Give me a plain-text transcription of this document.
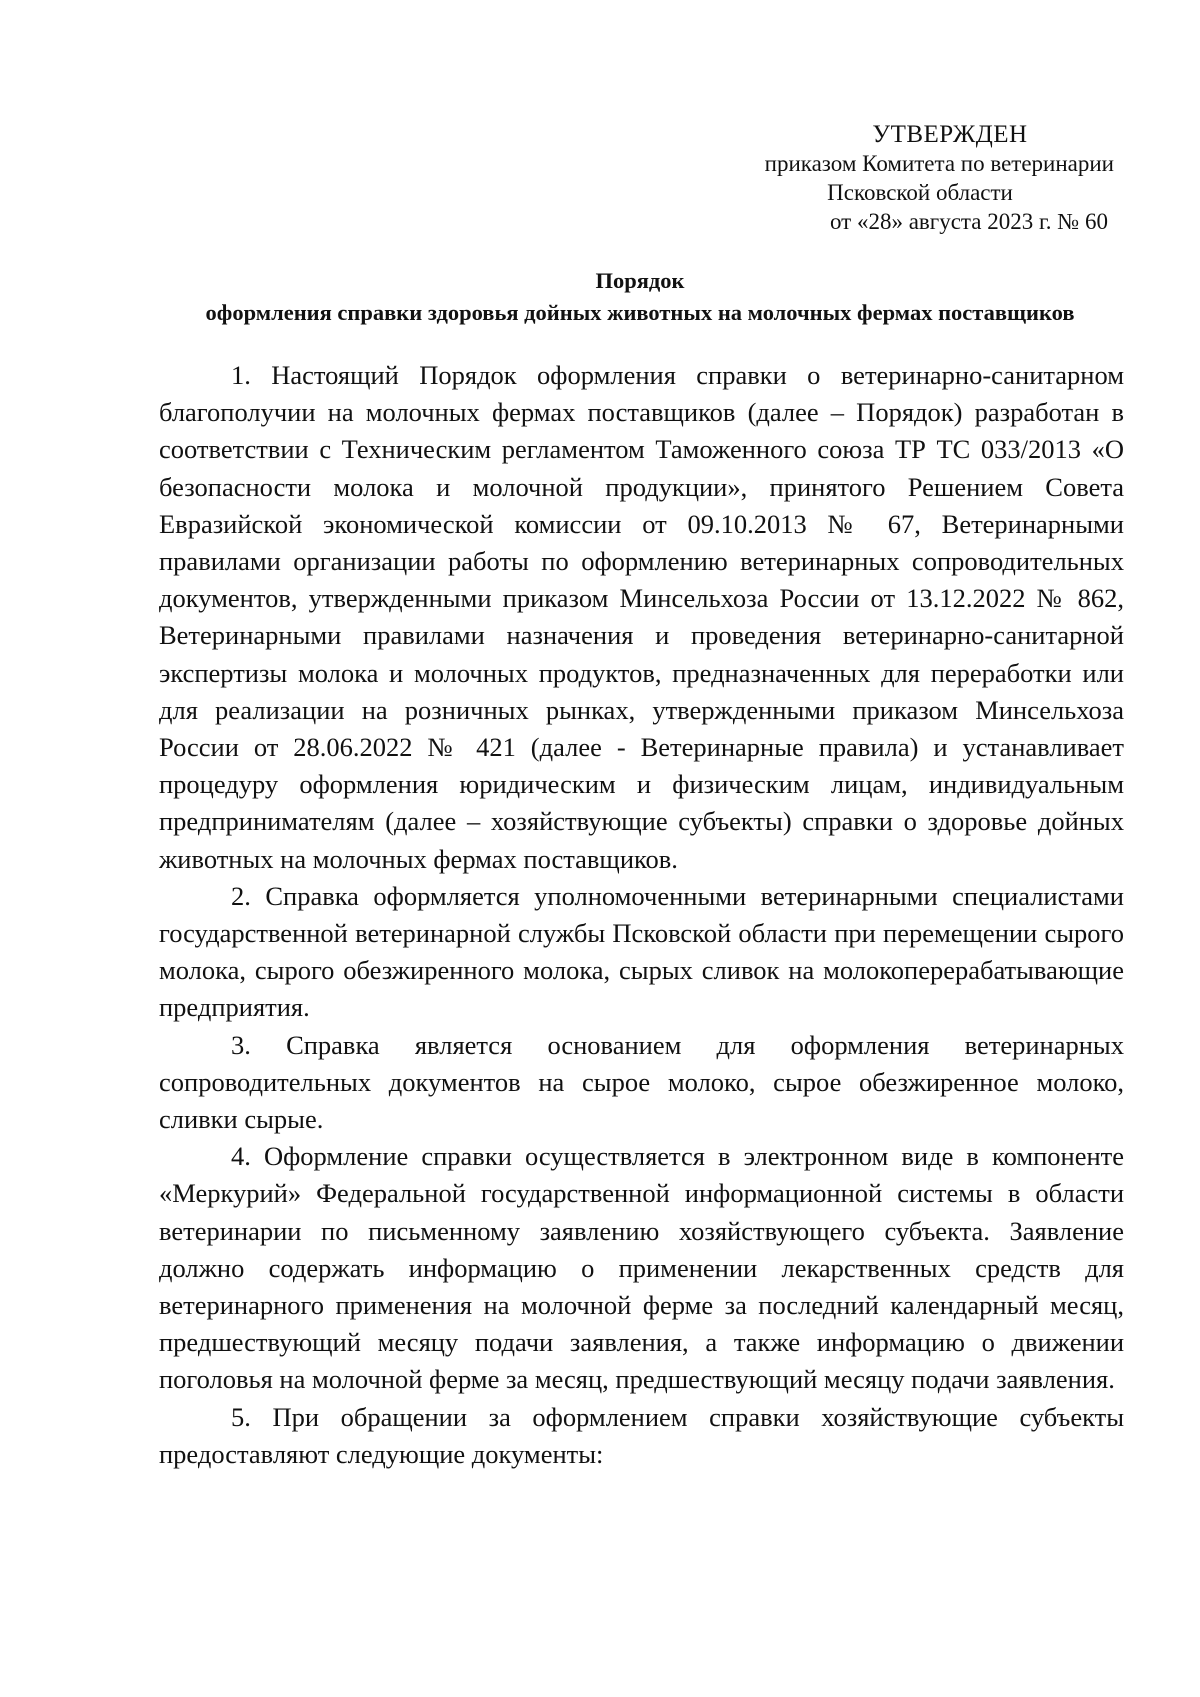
УТВЕРЖДЕН
приказом Комитета по ветеринарии
Псковской области
от «28» августа 2023 г. № 60
Порядок
оформления справки здоровья дойных животных на молочных фермах поставщиков

1. Настоящий Порядок оформления справки о ветеринарно-санитарном благополучии на молочных фермах поставщиков (далее – Порядок) разработан в соответствии с Техническим регламентом Таможенного союза ТР ТС 033/2013 «О безопасности молока и молочной продукции», принятого Решением Совета Евразийской экономической комиссии от 09.10.2013 № 67, Ветеринарными правилами организации работы по оформлению ветеринарных сопроводительных документов, утвержденными приказом Минсельхоза России от 13.12.2022 № 862, Ветеринарными правилами назначения и проведения ветеринарно-санитарной экспертизы молока и молочных продуктов, предназначенных для переработки или для реализации на розничных рынках, утвержденными приказом Минсельхоза России от 28.06.2022 № 421 (далее - Ветеринарные правила) и устанавливает процедуру оформления юридическим и физическим лицам, индивидуальным предпринимателям (далее – хозяйствующие субъекты) справки о здоровье дойных животных на молочных фермах поставщиков.

2. Справка оформляется уполномоченными ветеринарными специалистами государственной ветеринарной службы Псковской области при перемещении сырого молока, сырого обезжиренного молока, сырых сливок на молокоперерабатывающие предприятия.

3. Справка является основанием для оформления ветеринарных сопроводительных документов на сырое молоко, сырое обезжиренное молоко, сливки сырые.

4. Оформление справки осуществляется в электронном виде в компоненте «Меркурий» Федеральной государственной информационной системы в области ветеринарии по письменному заявлению хозяйствующего субъекта. Заявление должно содержать информацию о применении лекарственных средств для ветеринарного применения на молочной ферме за последний календарный месяц, предшествующий месяцу подачи заявления, а также информацию о движении поголовья на молочной ферме за месяц, предшествующий месяцу подачи заявления.

5. При обращении за оформлением справки хозяйствующие субъекты предоставляют следующие документы:
